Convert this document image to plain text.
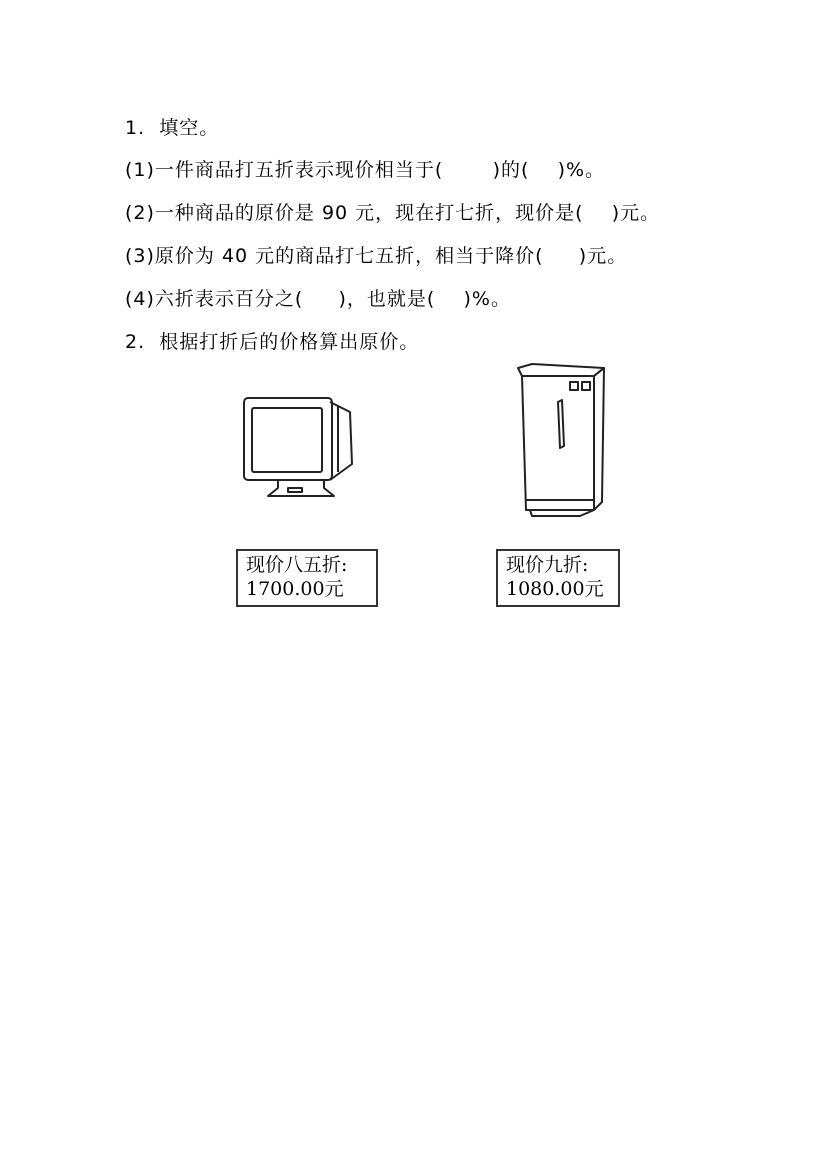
1.  填空。
(1)一件商品打五折表示现价相当于(       )的(    )%。
(2)一种商品的原价是 90 元，现在打七折，现价是(    )元。
(3)原价为 40 元的商品打七五折，相当于降价(     )元。
(4)六折表示百分之(     )，也就是(    )%。
2.  根据打折后的价格算出原价。
现价八五折:
1700.00元
现价九折:
1080.00元
